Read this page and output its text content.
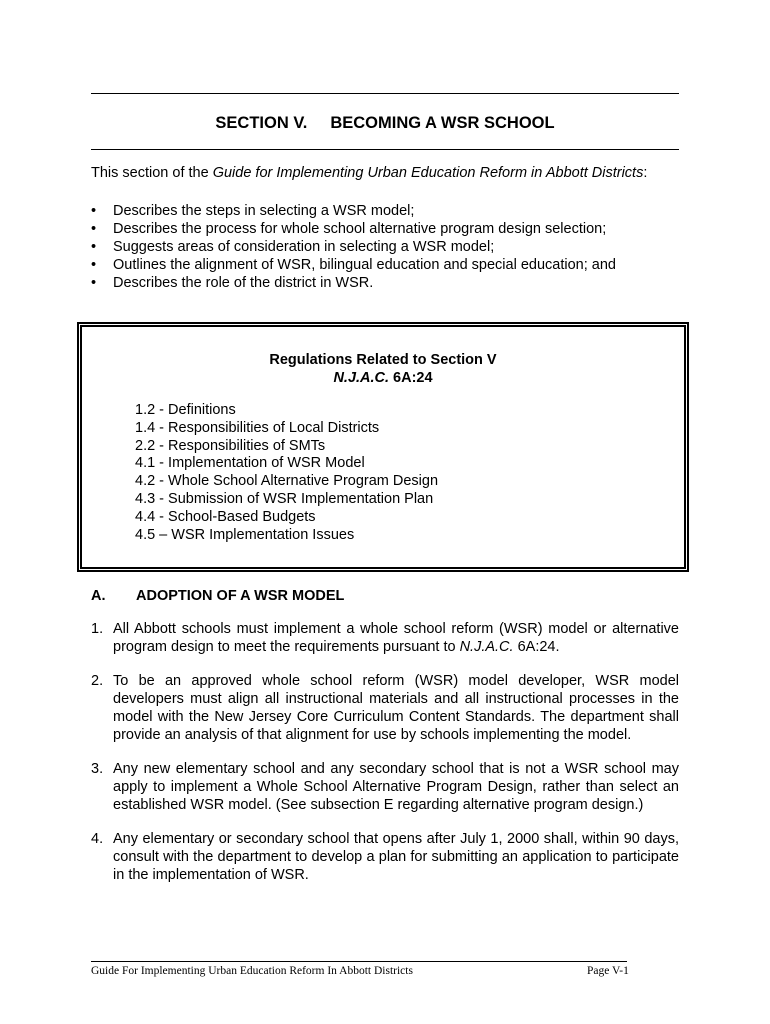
SECTION V. BECOMING A WSR SCHOOL
This section of the Guide for Implementing Urban Education Reform in Abbott Districts:
• Describes the steps in selecting a WSR model;
• Describes the process for whole school alternative program design selection;
• Suggests areas of consideration in selecting a WSR model;
• Outlines the alignment of WSR, bilingual education and special education; and
• Describes the role of the district in WSR.
Regulations Related to Section V
N.J.A.C. 6A:24
1.2 - Definitions
1.4 - Responsibilities of Local Districts
2.2 - Responsibilities of SMTs
4.1 - Implementation of WSR Model
4.2 - Whole School Alternative Program Design
4.3 - Submission of WSR Implementation Plan
4.4 - School-Based Budgets
4.5 – WSR Implementation Issues
A. ADOPTION OF A WSR MODEL
1. All Abbott schools must implement a whole school reform (WSR) model or alternative program design to meet the requirements pursuant to N.J.A.C. 6A:24.
2. To be an approved whole school reform (WSR) model developer, WSR model developers must align all instructional materials and all instructional processes in the model with the New Jersey Core Curriculum Content Standards. The department shall provide an analysis of that alignment for use by schools implementing the model.
3. Any new elementary school and any secondary school that is not a WSR school may apply to implement a Whole School Alternative Program Design, rather than select an established WSR model. (See subsection E regarding alternative program design.)
4. Any elementary or secondary school that opens after July 1, 2000 shall, within 90 days, consult with the department to develop a plan for submitting an application to participate in the implementation of WSR.
Guide For Implementing Urban Education Reform In Abbott Districts	Page V-1
